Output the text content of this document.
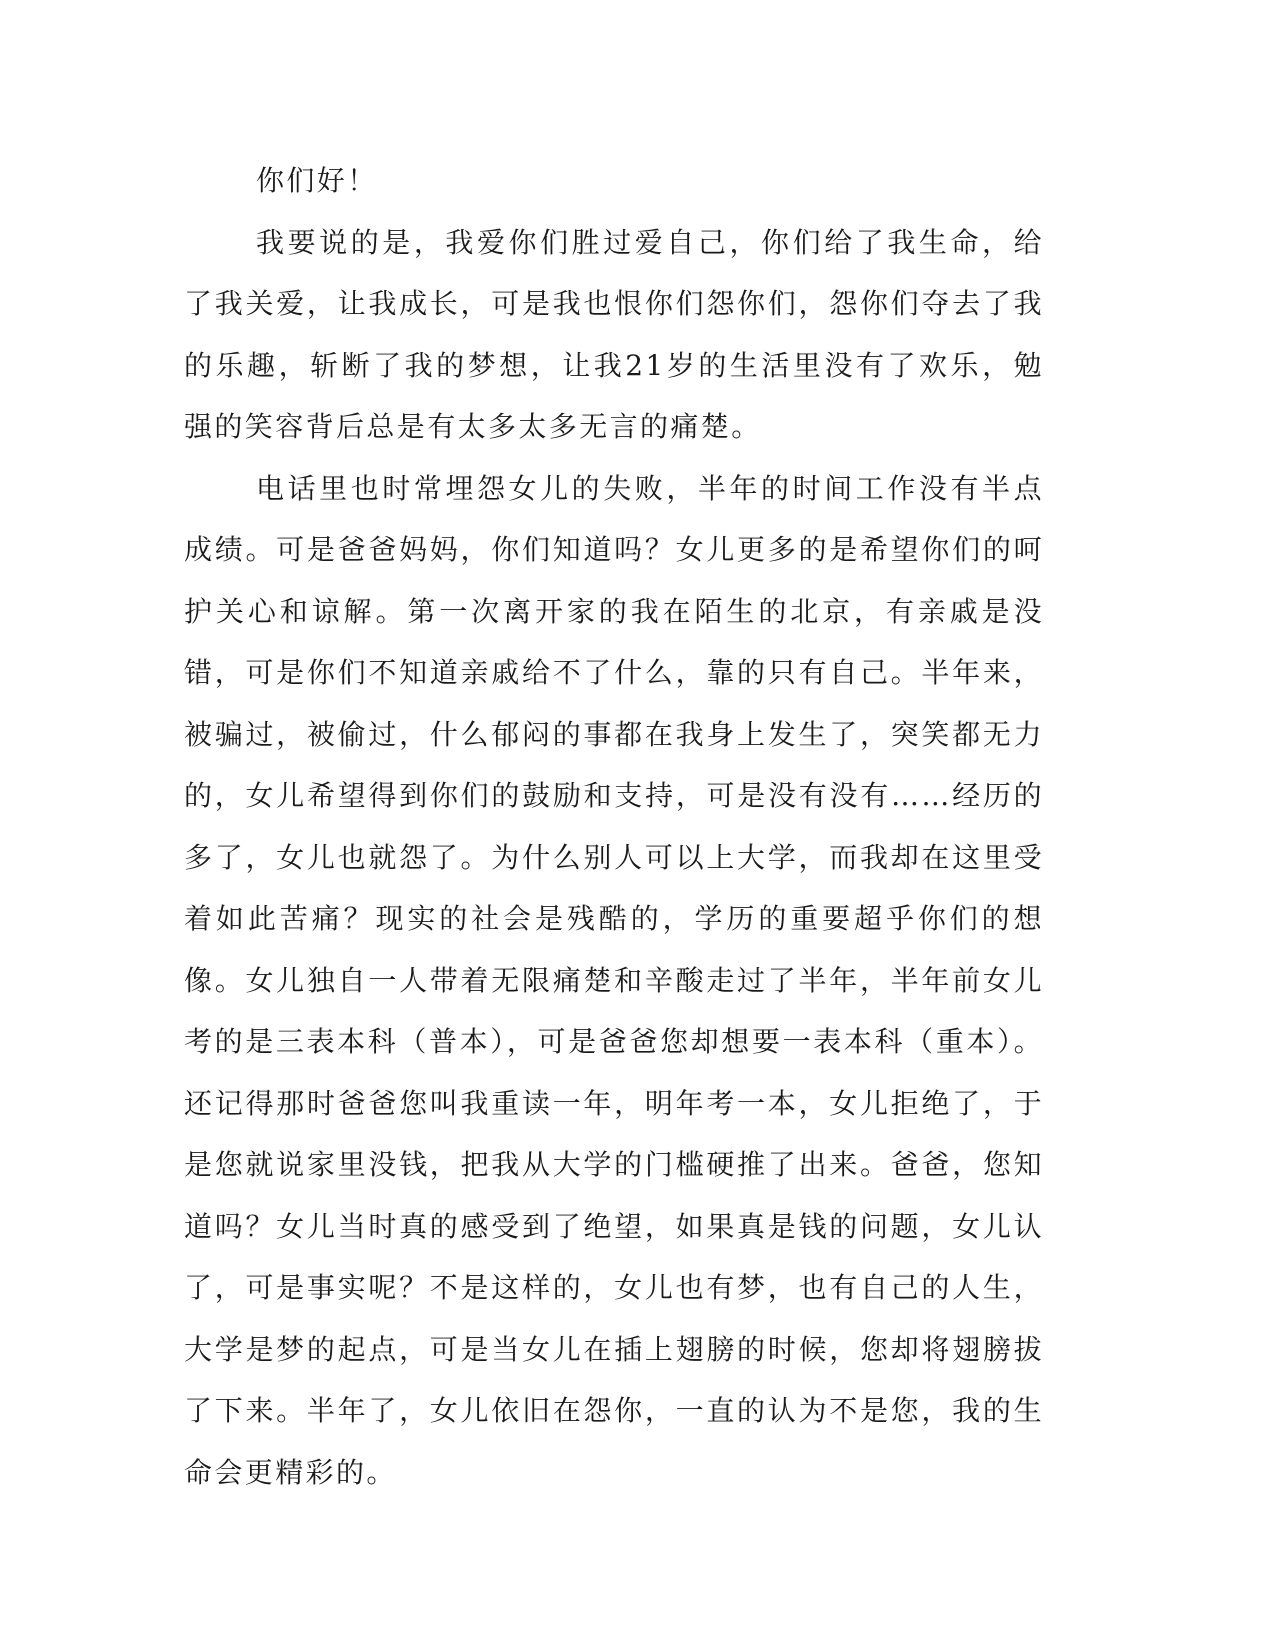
你们好！

我要说的是，我爱你们胜过爱自己，你们给了我生命，给了我关爱，让我成长，可是我也恨你们怨你们，怨你们夺去了我的乐趣，斩断了我的梦想，让我21岁的生活里没有了欢乐，勉强的笑容背后总是有太多太多无言的痛楚。

电话里也时常埋怨女儿的失败，半年的时间工作没有半点成绩。可是爸爸妈妈，你们知道吗？女儿更多的是希望你们的呵护关心和谅解。第一次离开家的我在陌生的北京，有亲戚是没错，可是你们不知道亲戚给不了什么，靠的只有自己。半年来，被骗过，被偷过，什么郁闷的事都在我身上发生了，突笑都无力的，女儿希望得到你们的鼓励和支持，可是没有没有……经历的多了，女儿也就怨了。为什么别人可以上大学，而我却在这里受着如此苦痛？现实的社会是残酷的，学历的重要超乎你们的想像。女儿独自一人带着无限痛楚和辛酸走过了半年，半年前女儿考的是三表本科（普本），可是爸爸您却想要一表本科（重本）。还记得那时爸爸您叫我重读一年，明年考一本，女儿拒绝了，于是您就说家里没钱，把我从大学的门槛硬推了出来。爸爸，您知道吗？女儿当时真的感受到了绝望，如果真是钱的问题，女儿认了，可是事实呢？不是这样的，女儿也有梦，也有自己的人生，大学是梦的起点，可是当女儿在插上翅膀的时候，您却将翅膀拔了下来。半年了，女儿依旧在怨你，一直的认为不是您，我的生命会更精彩的。
